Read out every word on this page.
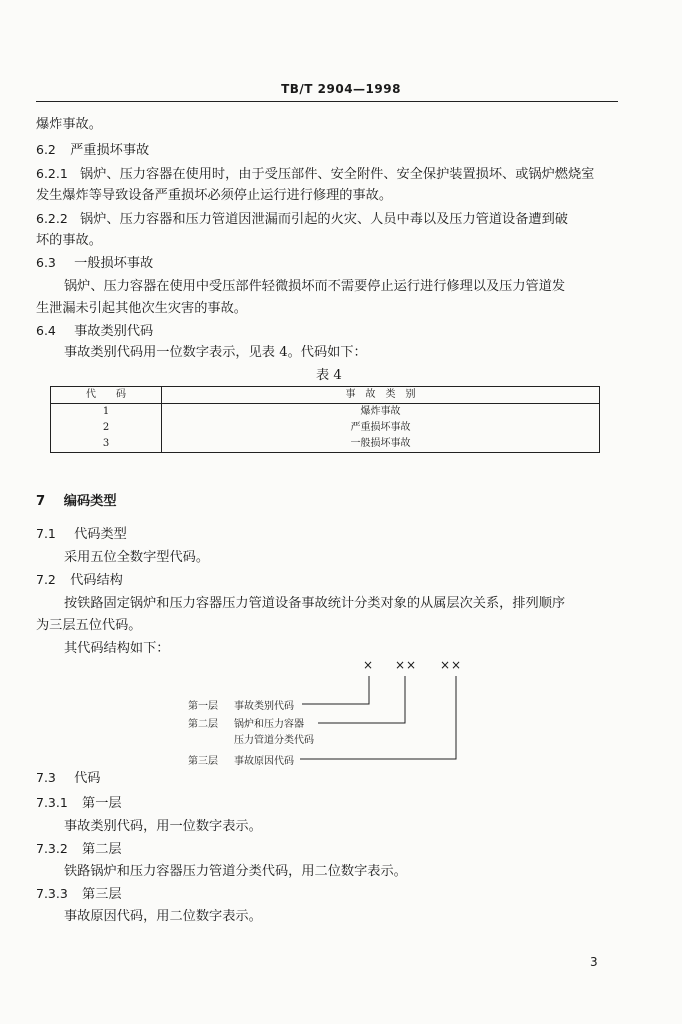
TB/T 2904—1998
爆炸事故。
6.2 严重损坏事故
6.2.1 锅炉、压力容器在使用时，由于受压部件、安全附件、安全保护装置损坏、或锅炉燃烧室
发生爆炸等导致设备严重损坏必须停止运行进行修理的事故。
6.2.2 锅炉、压力容器和压力管道因泄漏而引起的火灾、人员中毒以及压力管道设备遭到破
坏的事故。
6.3 一般损坏事故
锅炉、压力容器在使用中受压部件轻微损坏而不需要停止运行进行修理以及压力管道发
生泄漏未引起其他次生灾害的事故。
6.4 事故类别代码
事故类别代码用一位数字表示，见表 4。代码如下：
表 4
代　　码	事　故　类　别
1	爆炸事故
2	严重损坏事故
3	一般损坏事故
7 编码类型
7.1 代码类型
采用五位全数字型代码。
7.2 代码结构
按铁路固定锅炉和压力容器压力管道设备事故统计分类对象的从属层次关系，排列顺序
为三层五位代码。
其代码结构如下：
× ×× ××
第一层 事故类别代码
第二层 锅炉和压力容器
压力管道分类代码
第三层 事故原因代码
7.3 代码
7.3.1 第一层
事故类别代码，用一位数字表示。
7.3.2 第二层
铁路锅炉和压力容器压力管道分类代码，用二位数字表示。
7.3.3 第三层
事故原因代码，用二位数字表示。
3
